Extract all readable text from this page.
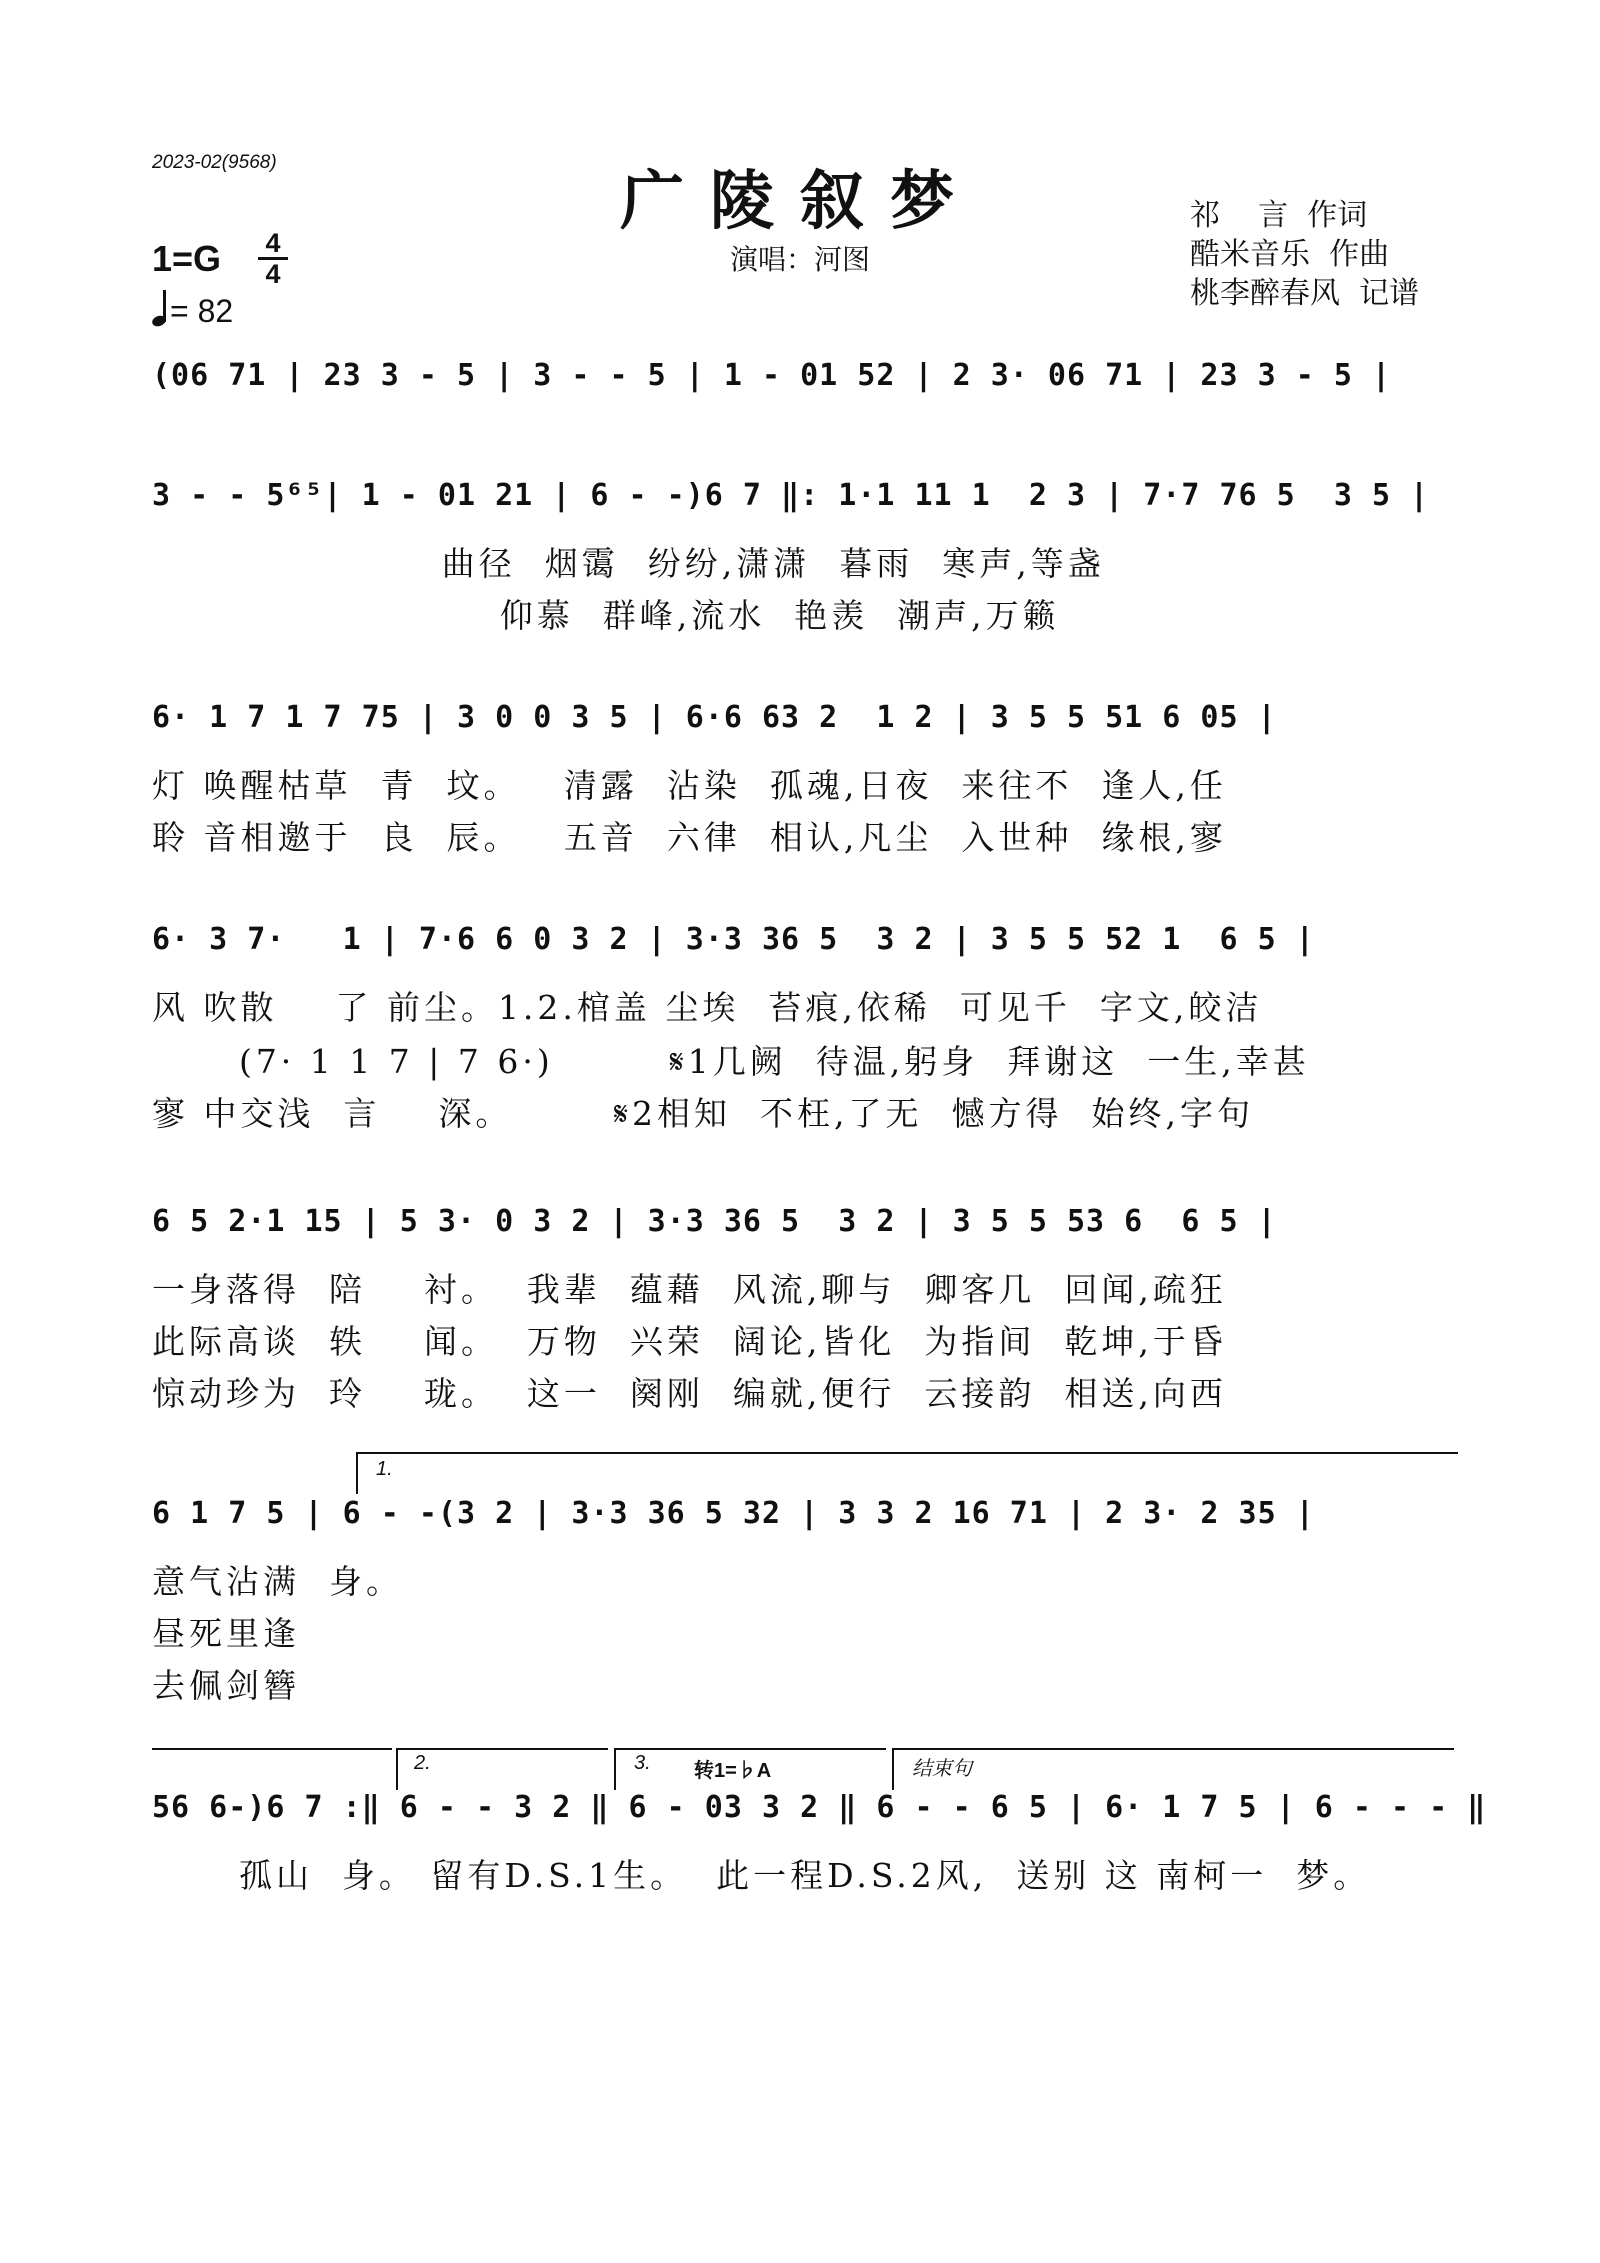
2023-02(9568)
广陵叙梦
演唱：河图
祁    言  作词
酷米音乐  作曲
桃李醉春风  记谱
1=G 4
4
= 82
(06 71 | 23 3 - 5 | 3 - - 5 | 1 - 01 52 | 2 3· 06 71 | 23 3 - 5 |
3 - - 5⁶⁵| 1 - 01 21 | 6 - -)6 7 ‖: 1·1 11 1  2 3 | 7·7 76 5  3 5 |
曲径  烟霭  纷纷,潇潇  暮雨  寒声,等盏
仰慕  群峰,流水  艳羡  潮声,万籁
6· 1 7 1 7 75 | 3 0 0 3 5 | 6·6 63 2  1 2 | 3 5 5 51 6 05 |
灯 唤醒枯草  青  坟。   清露  沾染  孤魂,日夜  来往不  逢人,任
聆 音相邀于  良  辰。   五音  六律  相认,凡尘  入世种  缘根,寥
6· 3 7·   1 | 7·6 6 0 3 2 | 3·3 36 5  3 2 | 3 5 5 52 1  6 5 |
风 吹散    了 前尘。1.2.棺盖 尘埃  苔痕,依稀  可见千  字文,皎洁
(7· 1 1 7 | 7 6·)        𝄋1几阙  待温,躬身  拜谢这  一生,幸甚
寥 中交浅  言    深。       𝄋2相知  不枉,了无  憾方得  始终,字句
6 5 2·1 15 | 5 3· 0 3 2 | 3·3 36 5  3 2 | 3 5 5 53 6  6 5 |
一身落得  陪    衬。  我辈  蕴藉  风流,聊与  卿客几  回闻,疏狂
此际高谈  轶    闻。  万物  兴荣  阔论,皆化  为指间  乾坤,于昏
惊动珍为  玲    珑。  这一  阕刚  编就,便行  云接韵  相送,向西
1.
6 1 7 5 | 6 - -(3 2 | 3·3 36 5 32 | 3 3 2 16 71 | 2 3· 2 35 |
意气沾满  身。
昼死里逢
去佩剑簪
2.	3. 转1=♭A	结束句
56 6-)6 7 :‖ 6 - - 3 2 ‖ 6 - 03 3 2 ‖ 6 - - 6 5 | 6· 1 7 5 | 6 - - - ‖
孤山  身。 留有D.S.1生。  此一程D.S.2风,  送别 这 南柯一  梦。
